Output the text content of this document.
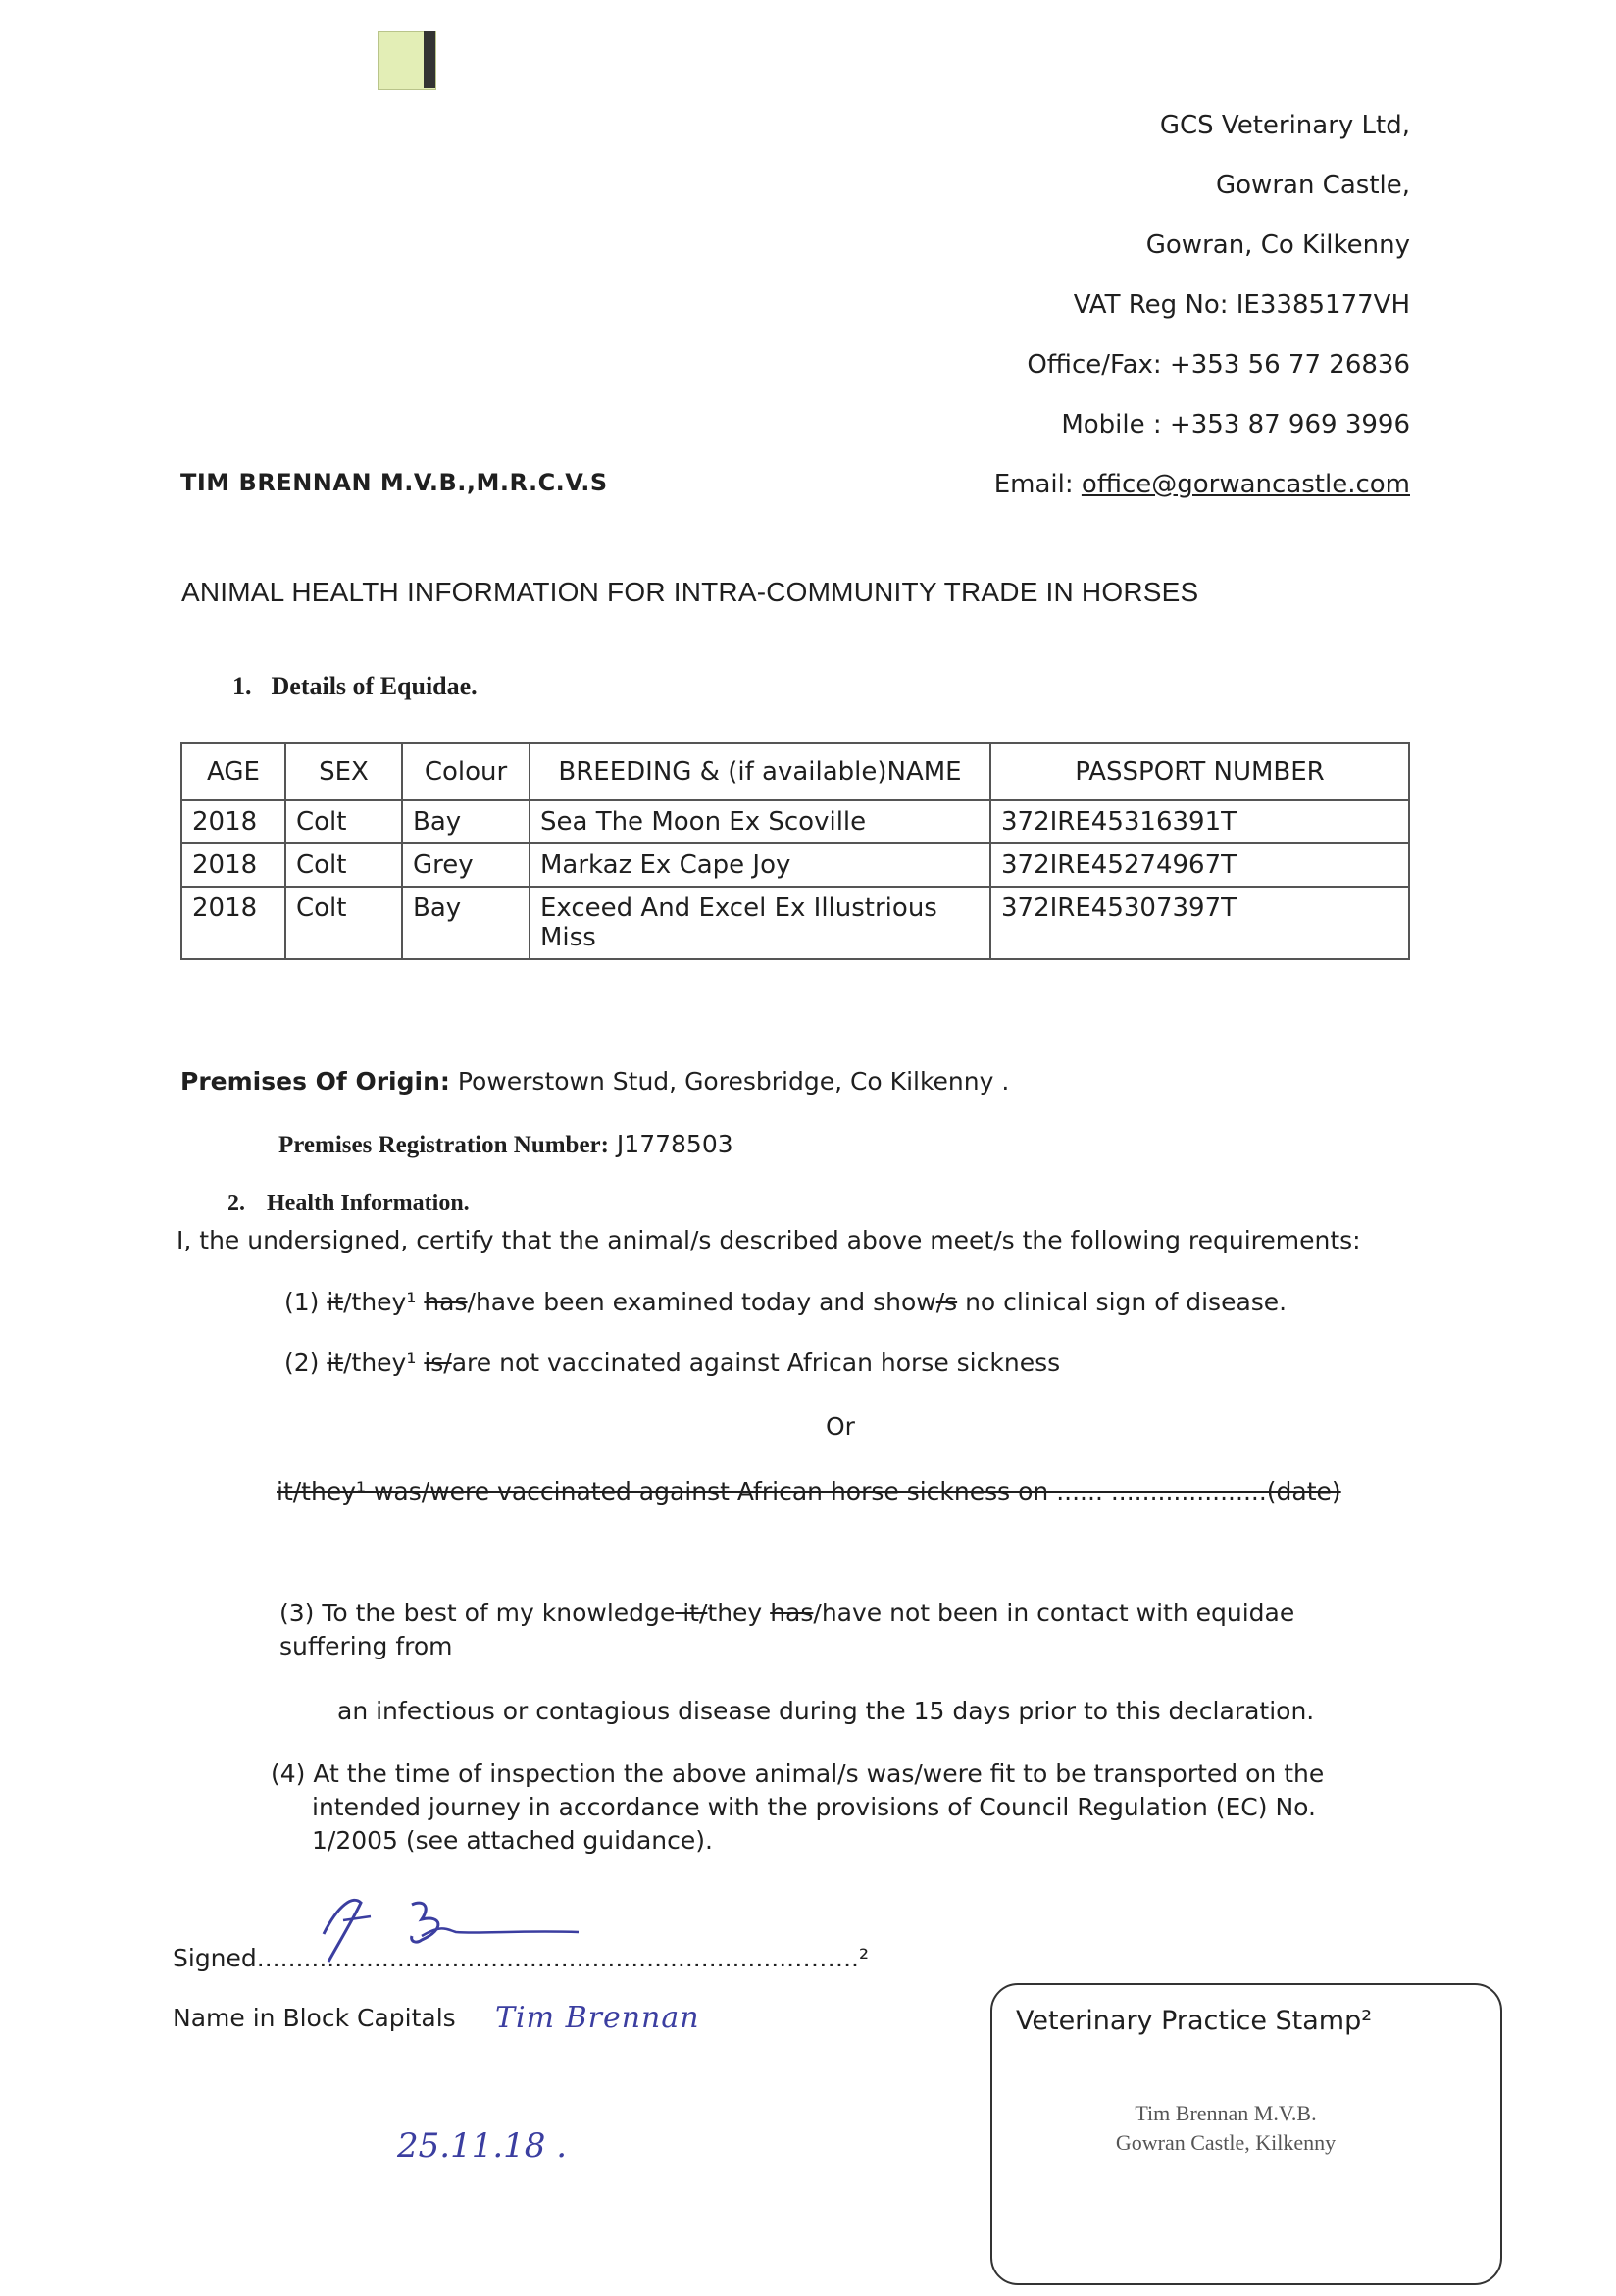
GCS Veterinary Ltd,
Gowran Castle,
Gowran, Co Kilkenny
VAT Reg No: IE3385177VH
Office/Fax: +353 56 77 26836
Mobile : +353 87 969 3996
Email: office@gorwancastle.com
TIM BRENNAN M.V.B.,M.R.C.V.S
ANIMAL HEALTH INFORMATION FOR INTRA-COMMUNITY TRADE IN HORSES
1. Details of Equidae.
AGE	SEX	Colour	BREEDING & (if available)NAME	PASSPORT NUMBER
2018	Colt	Bay	Sea The Moon Ex Scoville	372IRE45316391T
2018	Colt	Grey	Markaz Ex Cape Joy	372IRE45274967T
2018	Colt	Bay	Exceed And Excel Ex Illustrious Miss	372IRE45307397T
Premises Of Origin: Powerstown Stud, Goresbridge, Co Kilkenny .
Premises Registration Number: J1778503
2. Health Information.
I, the undersigned, certify that the animal/s described above meet/s the following requirements:
(1) it/they¹ has/have been examined today and show/s no clinical sign of disease.
(2) it/they¹ is/are not vaccinated against African horse sickness
Or
it/they¹ was/were vaccinated against African horse sickness on ...... ....................(date)
(3) To the best of my knowledge it/they has/have not been in contact with equidae suffering from
an infectious or contagious disease during the 15 days prior to this declaration.
(4) At the time of inspection the above animal/s was/were fit to be transported on the
intended journey in accordance with the provisions of Council Regulation (EC) No.
1/2005 (see attached guidance).
Signed.....................................................................……..²
Name in Block Capitals Tim Brennan
25.11.18 .
Veterinary Practice Stamp²
Tim Brennan M.V.B.
Gowran Castle, Kilkenny
